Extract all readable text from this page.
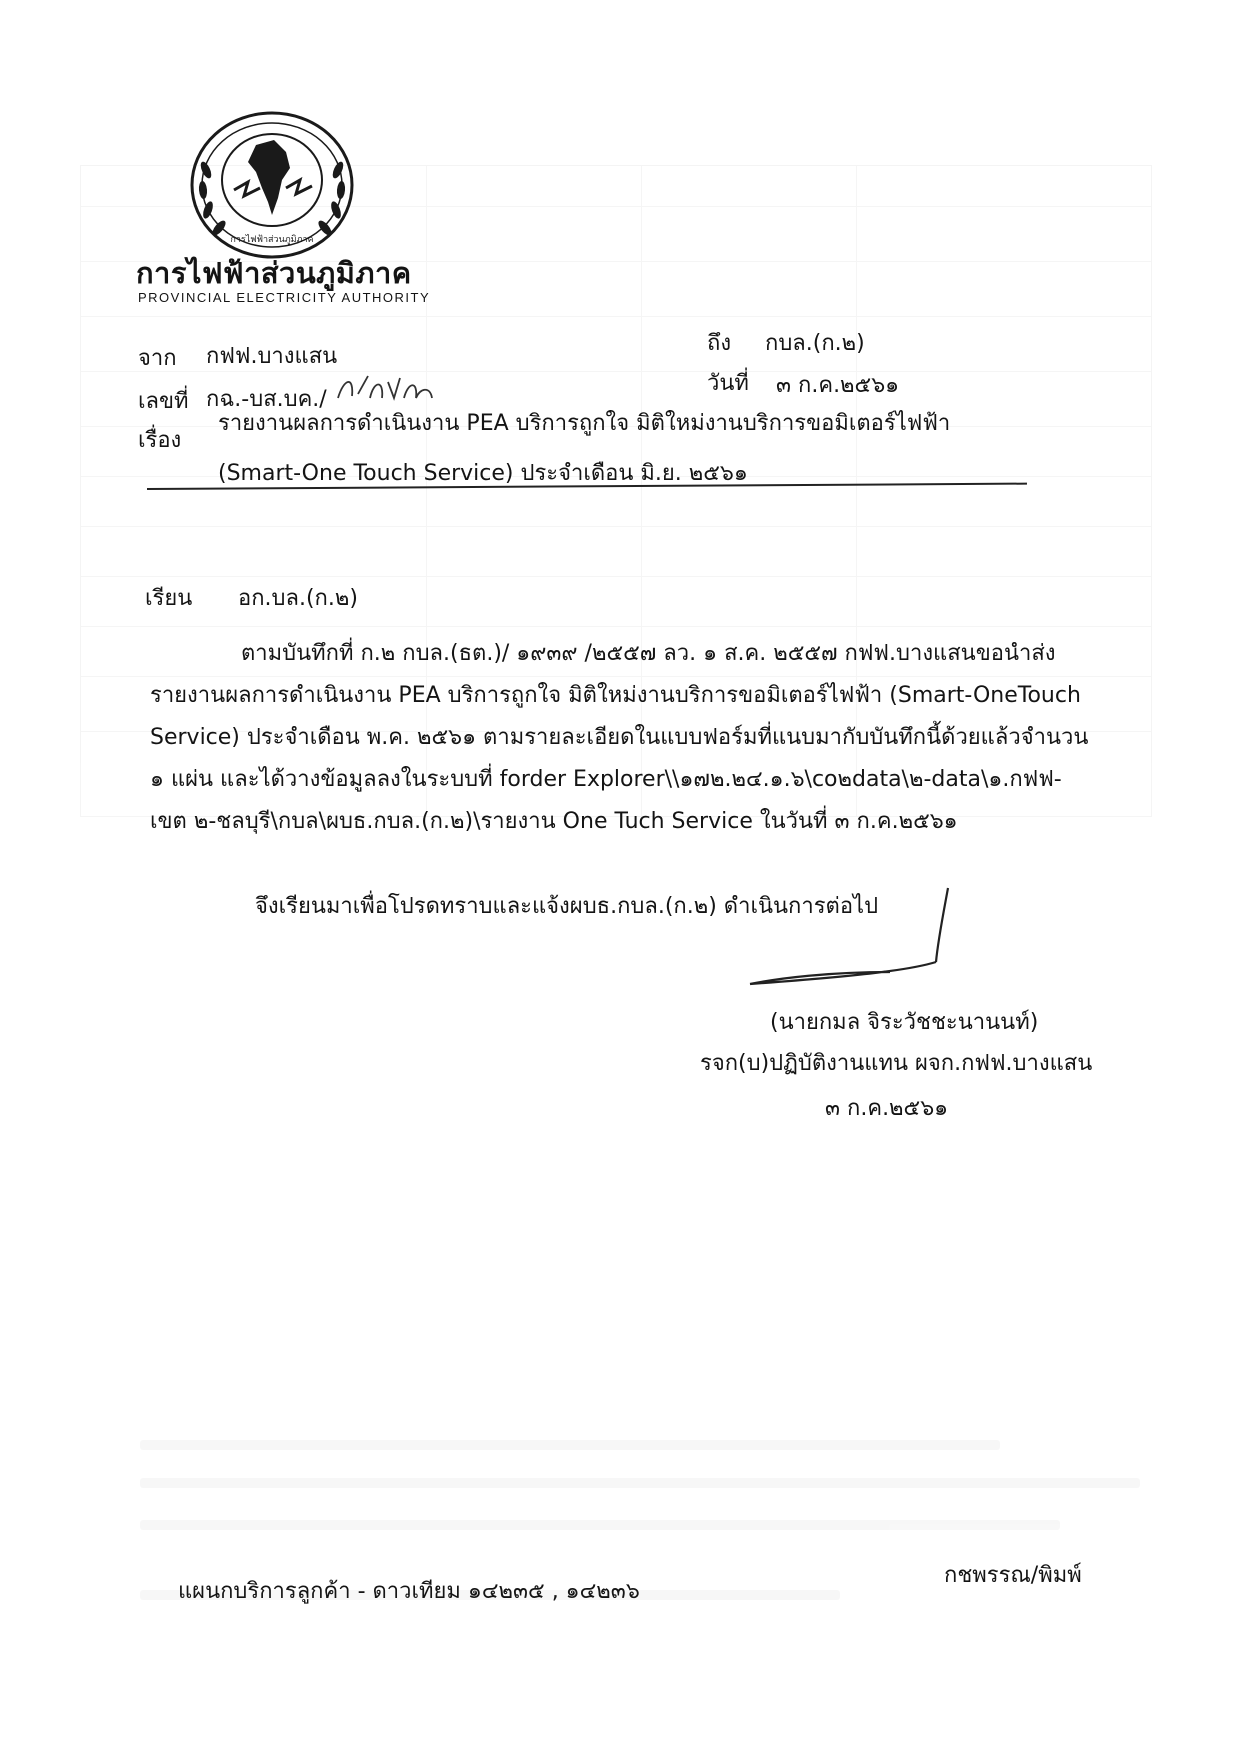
การไฟฟ้าส่วนภูมิภาค
การไฟฟ้าส่วนภูมิภาค
PROVINCIAL ELECTRICITY AUTHORITY
จาก กฟฟ.บางแสน
ถึง กบล.(ก.๒)
เลขที่ กฉ.-บส.บค./
วันที่ ๓ ก.ค.๒๕๖๑
เรื่อง
รายงานผลการดำเนินงาน PEA บริการถูกใจ มิติใหม่งานบริการขอมิเตอร์ไฟฟ้า
(Smart-One Touch Service) ประจำเดือน มิ.ย. ๒๕๖๑
เรียน อก.บล.(ก.๒)
ตามบันทึกที่ ก.๒ กบล.(ธต.)/ ๑๙๓๙ /๒๕๕๗ ลว. ๑ ส.ค. ๒๕๕๗ กฟฟ.บางแสนขอนำส่ง
รายงานผลการดำเนินงาน PEA บริการถูกใจ มิติใหม่งานบริการขอมิเตอร์ไฟฟ้า (Smart-OneTouch
Service) ประจำเดือน พ.ค. ๒๕๖๑ ตามรายละเอียดในแบบฟอร์มที่แนบมากับบันทึกนี้ด้วยแล้วจำนวน
๑ แผ่น และได้วางข้อมูลลงในระบบที่ forder Explorer\\๑๗๒.๒๔.๑.๖\co๒data\๒-data\๑.กฟฟ-
เขต ๒-ชลบุรี\กบล\ผบธ.กบล.(ก.๒)\รายงาน One Tuch Service ในวันที่ ๓ ก.ค.๒๕๖๑
จึงเรียนมาเพื่อโปรดทราบและแจ้งผบธ.กบล.(ก.๒) ดำเนินการต่อไป
(นายกมล จิระวัชชะนานนท์)
รจก(บ)ปฏิบัติงานแทน ผจก.กฟฟ.บางแสน
๓ ก.ค.๒๕๖๑
แผนกบริการลูกค้า - ดาวเทียม ๑๔๒๓๕ , ๑๔๒๓๖
กชพรรณ/พิมพ์
